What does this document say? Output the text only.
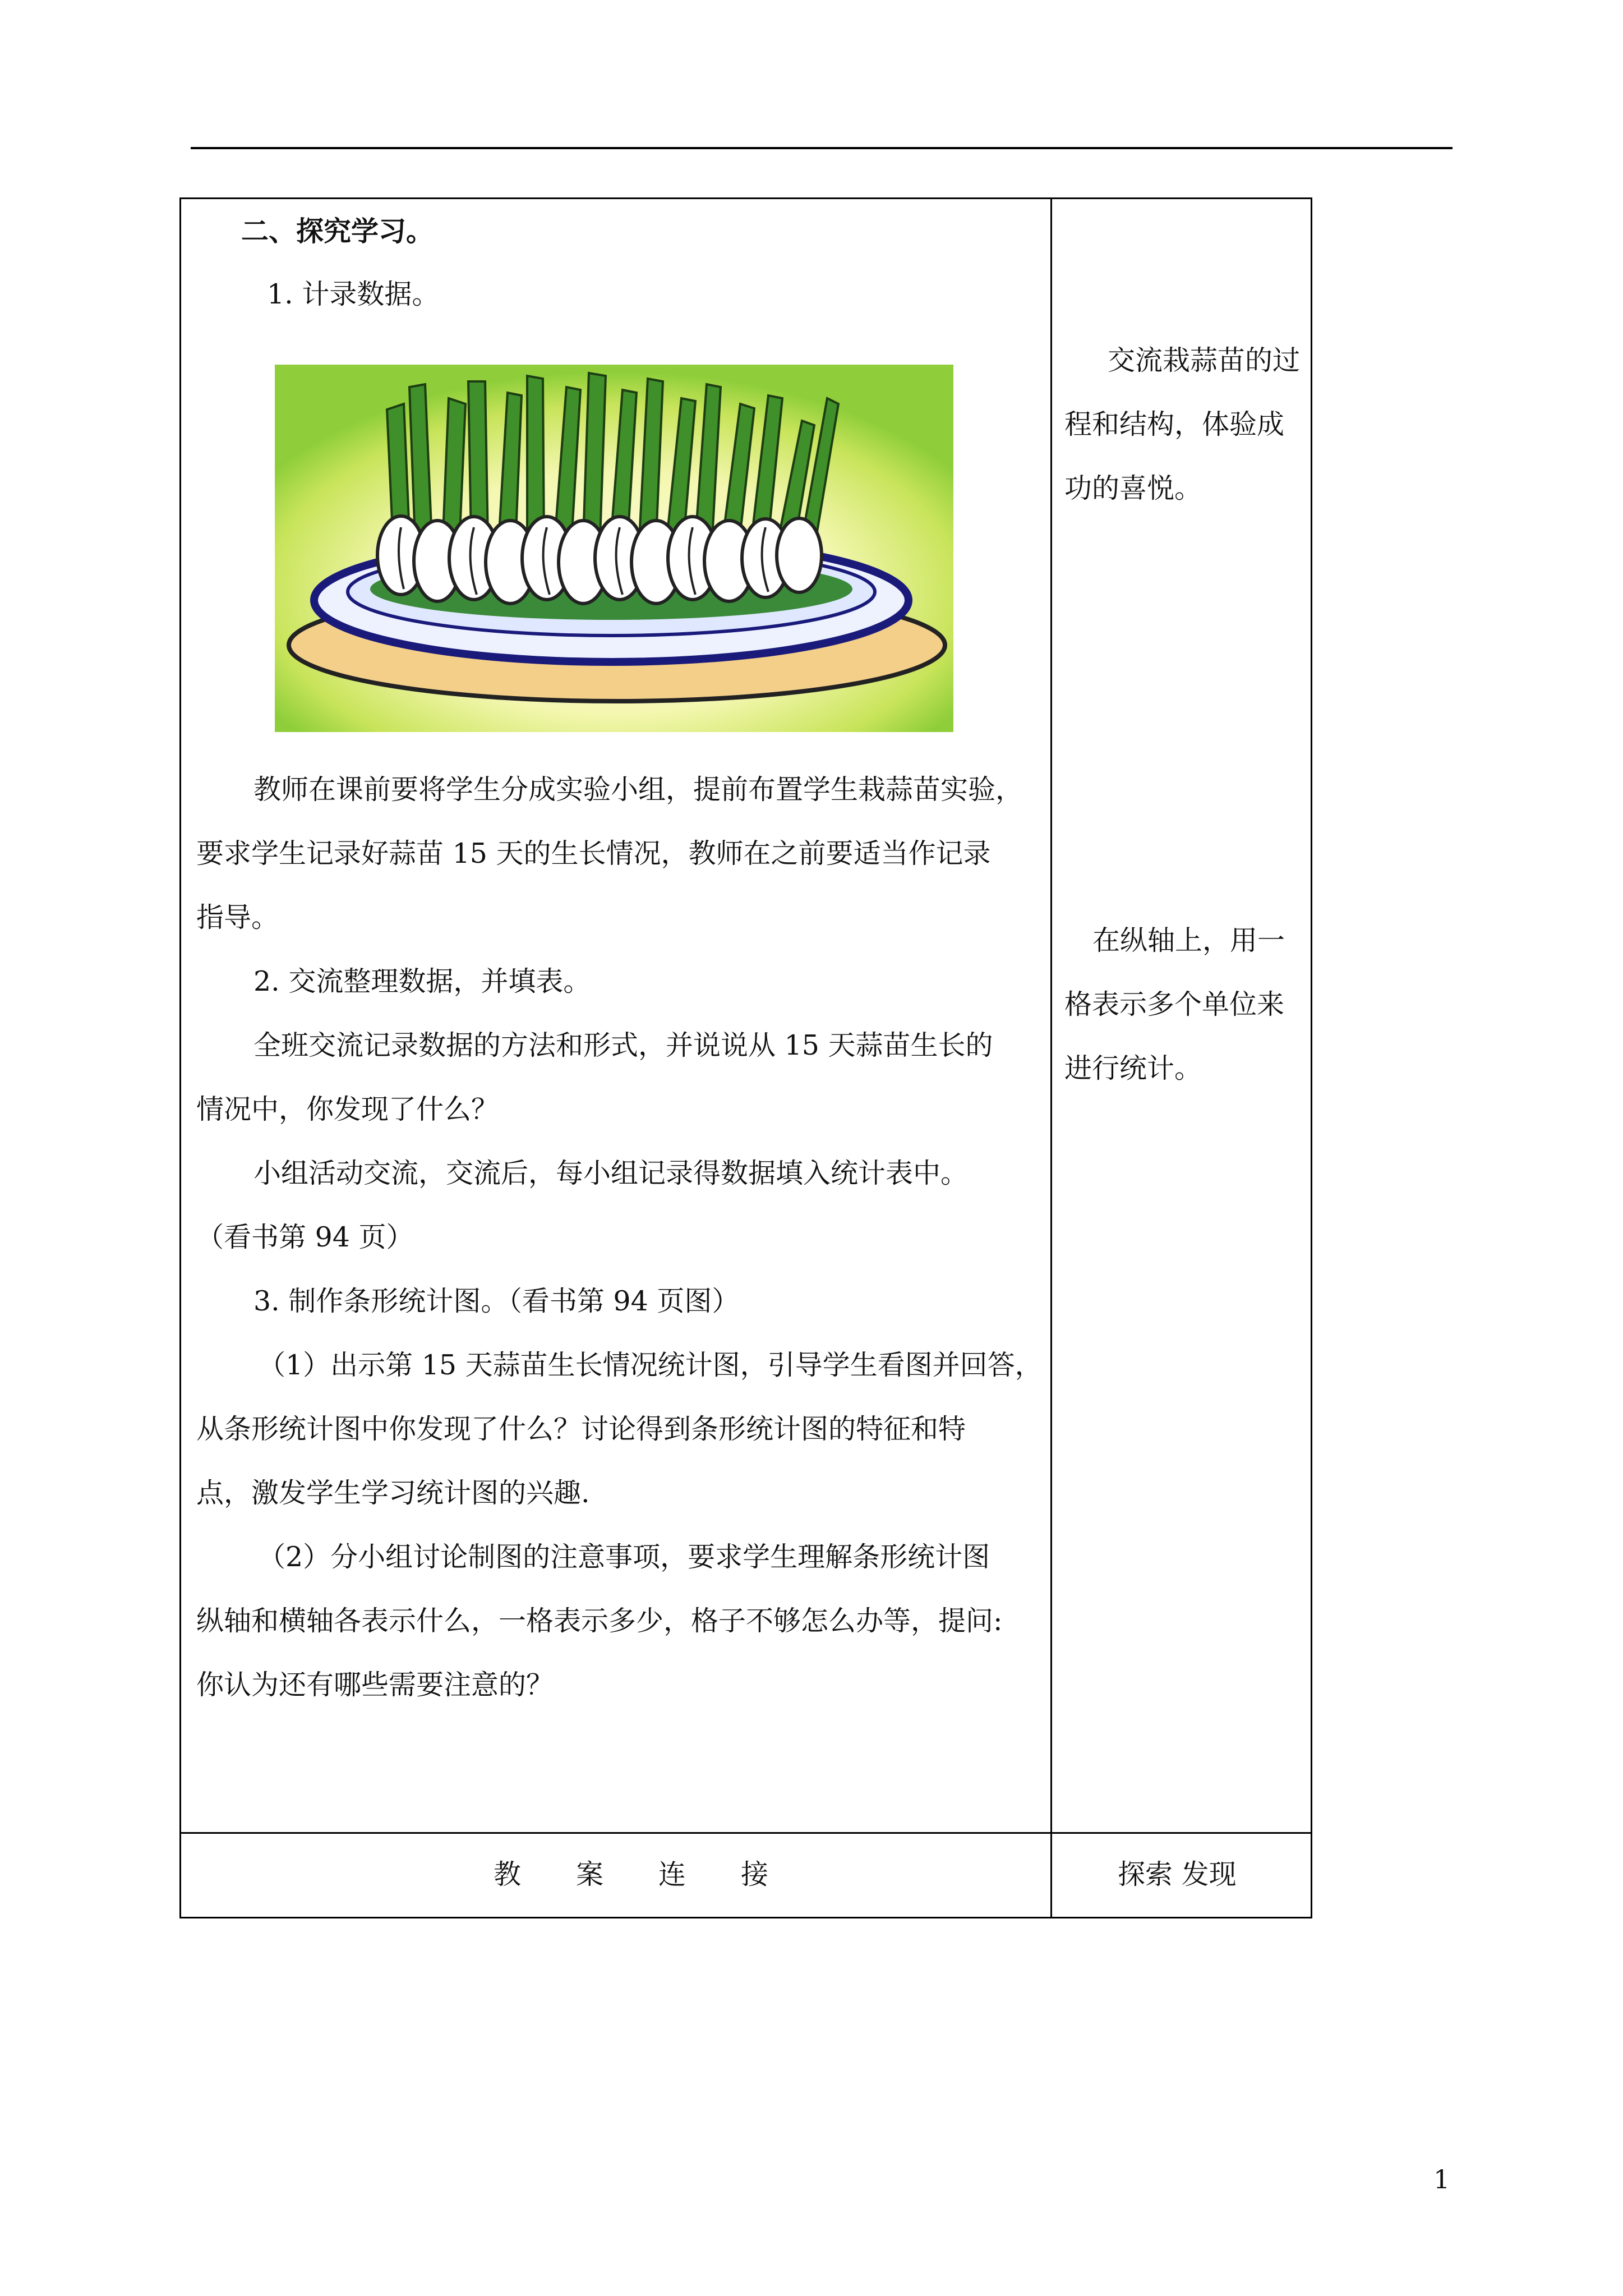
二、探究学习。
1. 计录数据。
教师在课前要将学生分成实验小组，提前布置学生栽蒜苗实验，
要求学生记录好蒜苗 15 天的生长情况，教师在之前要适当作记录
指导。
2. 交流整理数据，并填表。
全班交流记录数据的方法和形式，并说说从 15 天蒜苗生长的
情况中，你发现了什么？
小组活动交流，交流后，每小组记录得数据填入统计表中。
（看书第 94 页）
3. 制作条形统计图。（看书第 94 页图）
（1）出示第 15 天蒜苗生长情况统计图，引导学生看图并回答，
从条形统计图中你发现了什么？讨论得到条形统计图的特征和特
点，激发学生学习统计图的兴趣.
（2）分小组讨论制图的注意事项，要求学生理解条形统计图
纵轴和横轴各表示什么，一格表示多少，格子不够怎么办等，提问:
你认为还有哪些需要注意的？
交流栽蒜苗的过
程和结构，体验成
功的喜悦。
在纵轴上，用一
格表示多个单位来
进行统计。
教　　案　　连　　接	探索 发现
1
